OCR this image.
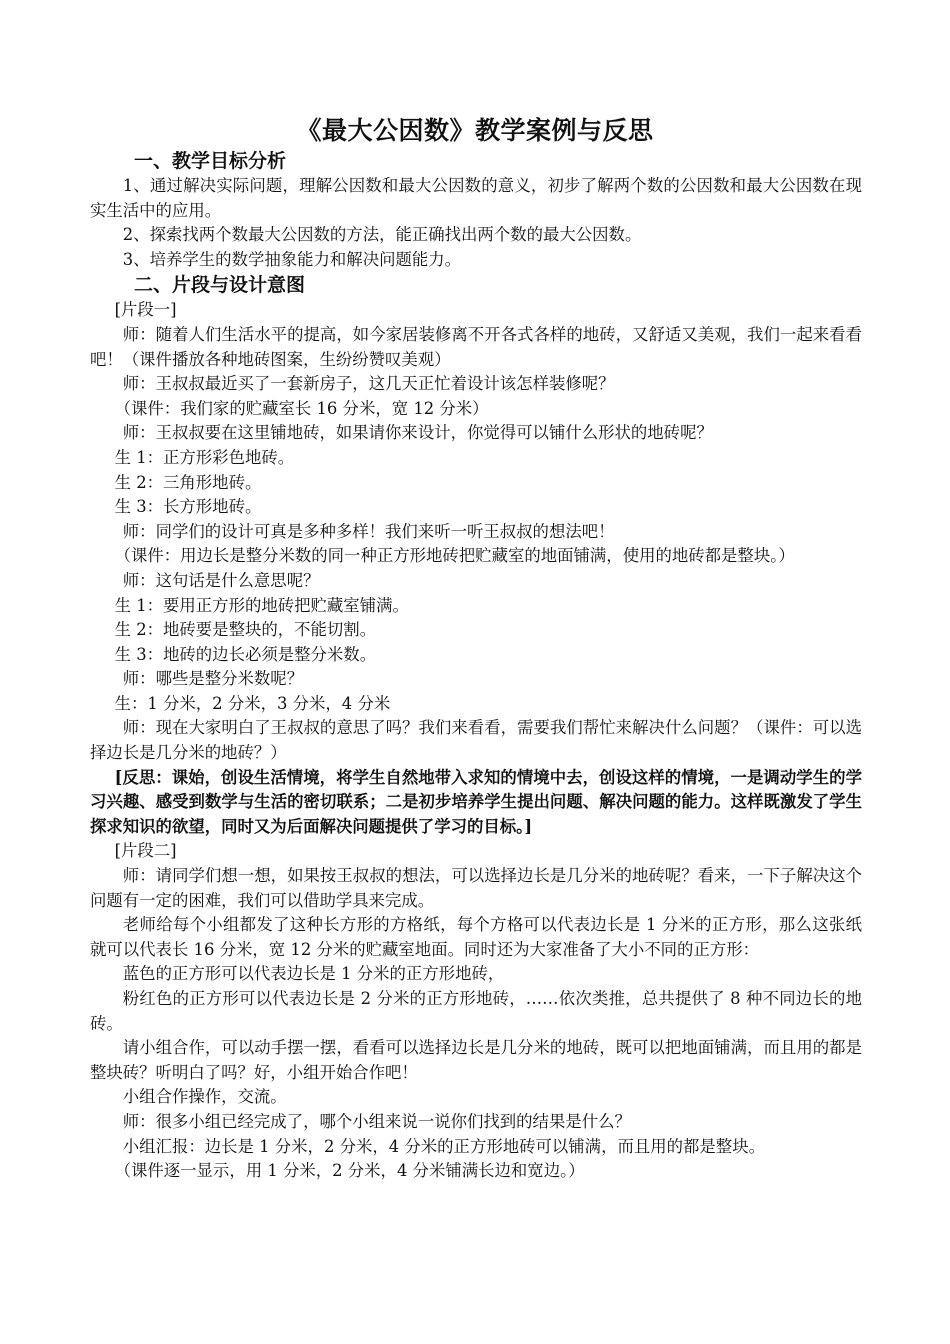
《最大公因数》教学案例与反思

一、教学目标分析

1、通过解决实际问题，理解公因数和最大公因数的意义，初步了解两个数的公因数和最大公因数在现实生活中的应用。

2、探索找两个数最大公因数的方法，能正确找出两个数的最大公因数。

3、培养学生的数学抽象能力和解决问题能力。

二、片段与设计意图

[片段一]

师：随着人们生活水平的提高，如今家居装修离不开各式各样的地砖，又舒适又美观，我们一起来看看吧！（课件播放各种地砖图案，生纷纷赞叹美观）

师：王叔叔最近买了一套新房子，这几天正忙着设计该怎样装修呢？

（课件：我们家的贮藏室长 16 分米，宽 12 分米）

师：王叔叔要在这里铺地砖，如果请你来设计，你觉得可以铺什么形状的地砖呢？

生 1：正方形彩色地砖。

生 2：三角形地砖。

生 3：长方形地砖。

师：同学们的设计可真是多种多样！我们来听一听王叔叔的想法吧！

（课件：用边长是整分米数的同一种正方形地砖把贮藏室的地面铺满，使用的地砖都是整块。）

师：这句话是什么意思呢？

生 1：要用正方形的地砖把贮藏室铺满。

生 2：地砖要是整块的，不能切割。

生 3：地砖的边长必须是整分米数。

师：哪些是整分米数呢？

生：1 分米，2 分米，3 分米，4 分米

师：现在大家明白了王叔叔的意思了吗？我们来看看，需要我们帮忙来解决什么问题？（课件：可以选择边长是几分米的地砖？）

[反思：课始，创设生活情境，将学生自然地带入求知的情境中去，创设这样的情境，一是调动学生的学习兴趣、感受到数学与生活的密切联系；二是初步培养学生提出问题、解决问题的能力。这样既激发了学生探求知识的欲望，同时又为后面解决问题提供了学习的目标。]

[片段二]

师：请同学们想一想，如果按王叔叔的想法，可以选择边长是几分米的地砖呢？看来，一下子解决这个问题有一定的困难，我们可以借助学具来完成。

老师给每个小组都发了这种长方形的方格纸，每个方格可以代表边长是 1 分米的正方形，那么这张纸就可以代表长 16 分米，宽 12 分米的贮藏室地面。同时还为大家准备了大小不同的正方形：

蓝色的正方形可以代表边长是 1 分米的正方形地砖，

粉红色的正方形可以代表边长是 2 分米的正方形地砖，……依次类推，总共提供了 8 种不同边长的地砖。

请小组合作，可以动手摆一摆，看看可以选择边长是几分米的地砖，既可以把地面铺满，而且用的都是整块砖？听明白了吗？好，小组开始合作吧！

小组合作操作，交流。

师：很多小组已经完成了，哪个小组来说一说你们找到的结果是什么？

小组汇报：边长是 1 分米，2 分米，4 分米的正方形地砖可以铺满，而且用的都是整块。

（课件逐一显示，用 1 分米，2 分米，4 分米铺满长边和宽边。）
